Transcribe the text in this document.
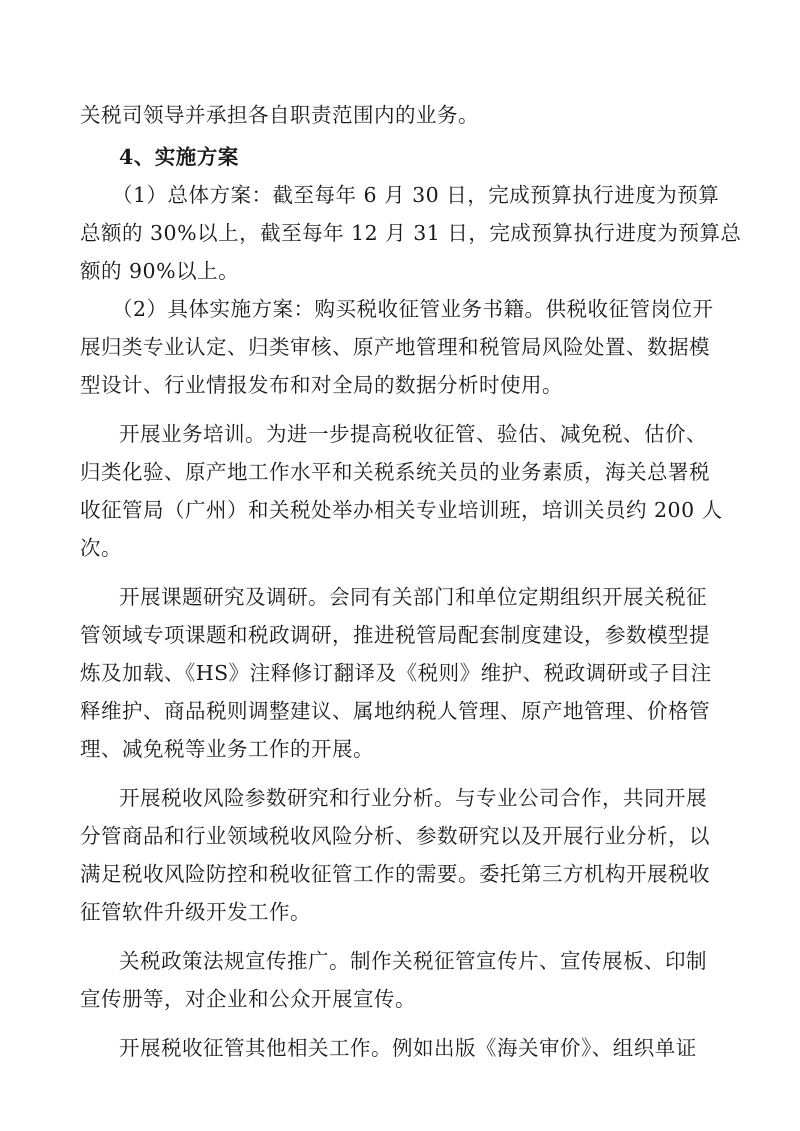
关税司领导并承担各自职责范围内的业务。
4、实施方案
（1）总体方案：截至每年 6 月 30 日，完成预算执行进度为预算
总额的 30%以上，截至每年 12 月 31 日，完成预算执行进度为预算总
额的 90%以上。
（2）具体实施方案：购买税收征管业务书籍。供税收征管岗位开
展归类专业认定、归类审核、原产地管理和税管局风险处置、数据模
型设计、行业情报发布和对全局的数据分析时使用。
开展业务培训。为进一步提高税收征管、验估、减免税、估价、
归类化验、原产地工作水平和关税系统关员的业务素质，海关总署税
收征管局（广州）和关税处举办相关专业培训班，培训关员约 200 人
次。
开展课题研究及调研。会同有关部门和单位定期组织开展关税征
管领域专项课题和税政调研，推进税管局配套制度建设，参数模型提
炼及加载、《HS》注释修订翻译及《税则》维护、税政调研或子目注
释维护、商品税则调整建议、属地纳税人管理、原产地管理、价格管
理、减免税等业务工作的开展。
开展税收风险参数研究和行业分析。与专业公司合作，共同开展
分管商品和行业领域税收风险分析、参数研究以及开展行业分析，以
满足税收风险防控和税收征管工作的需要。委托第三方机构开展税收
征管软件升级开发工作。
关税政策法规宣传推广。制作关税征管宣传片、宣传展板、印制
宣传册等，对企业和公众开展宣传。
开展税收征管其他相关工作。例如出版《海关审价》、组织单证
